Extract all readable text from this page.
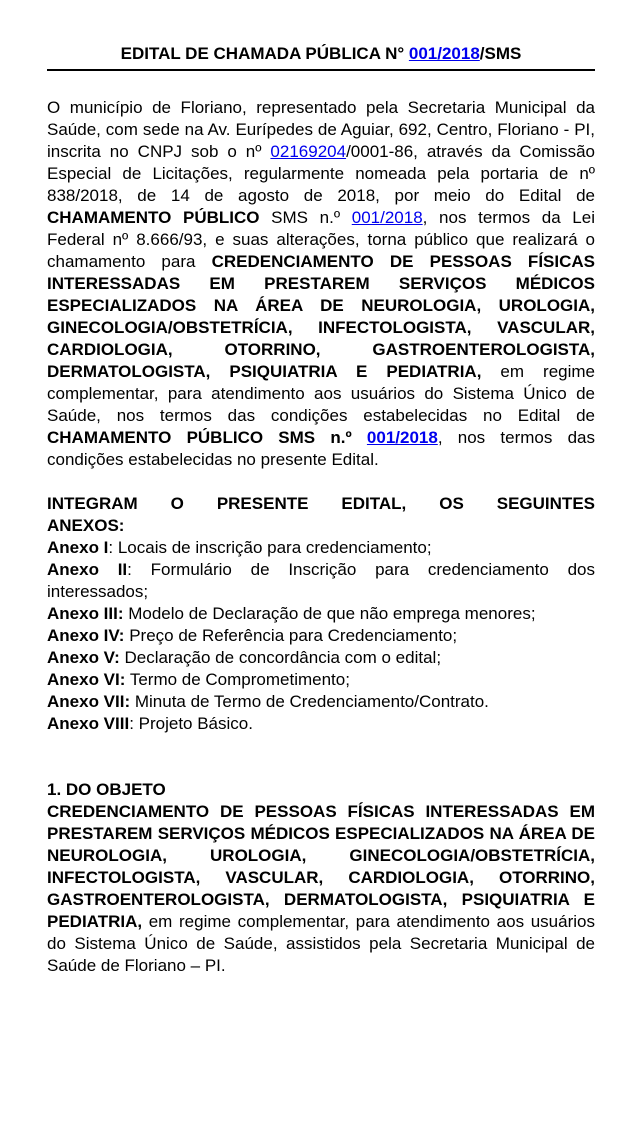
EDITAL DE CHAMADA PÚBLICA N° 001/2018/SMS

O município de Floriano, representado pela Secretaria Municipal da Saúde, com sede na Av. Eurípedes de Aguiar, 692, Centro, Floriano - PI, inscrita no CNPJ sob o nº 02169204/0001-86, através da Comissão Especial de Licitações, regularmente nomeada pela portaria de nº 838/2018, de 14 de agosto de 2018, por meio do Edital de CHAMAMENTO PÚBLICO SMS n.º 001/2018, nos termos da Lei Federal nº 8.666/93, e suas alterações, torna público que realizará o chamamento para CREDENCIAMENTO DE PESSOAS FÍSICAS INTERESSADAS EM PRESTAREM SERVIÇOS MÉDICOS ESPECIALIZADOS NA ÁREA DE NEUROLOGIA, UROLOGIA, GINECOLOGIA/OBSTETRÍCIA, INFECTOLOGISTA, VASCULAR, CARDIOLOGIA, OTORRINO, GASTROENTEROLOGISTA, DERMATOLOGISTA, PSIQUIATRIA E PEDIATRIA, em regime complementar, para atendimento aos usuários do Sistema Único de Saúde, nos termos das condições estabelecidas no Edital de CHAMAMENTO PÚBLICO SMS n.º 001/2018, nos termos das condições estabelecidas no presente Edital.

INTEGRAM O PRESENTE EDITAL, OS SEGUINTES
ANEXOS:
Anexo I: Locais de inscrição para credenciamento;
Anexo II: Formulário de Inscrição para credenciamento dos interessados;
Anexo III: Modelo de Declaração de que não emprega menores;
Anexo IV: Preço de Referência para Credenciamento;
Anexo V: Declaração de concordância com o edital;
Anexo VI: Termo de Comprometimento;
Anexo VII: Minuta de Termo de Credenciamento/Contrato.
Anexo VIII: Projeto Básico.
1. DO OBJETO

CREDENCIAMENTO DE PESSOAS FÍSICAS INTERESSADAS EM PRESTAREM SERVIÇOS MÉDICOS ESPECIALIZADOS NA ÁREA DE NEUROLOGIA, UROLOGIA, GINECOLOGIA/OBSTETRÍCIA, INFECTOLOGISTA, VASCULAR, CARDIOLOGIA, OTORRINO, GASTROENTEROLOGISTA, DERMATOLOGISTA, PSIQUIATRIA E PEDIATRIA, em regime complementar, para atendimento aos usuários do Sistema Único de Saúde, assistidos pela Secretaria Municipal de Saúde de Floriano – PI.
